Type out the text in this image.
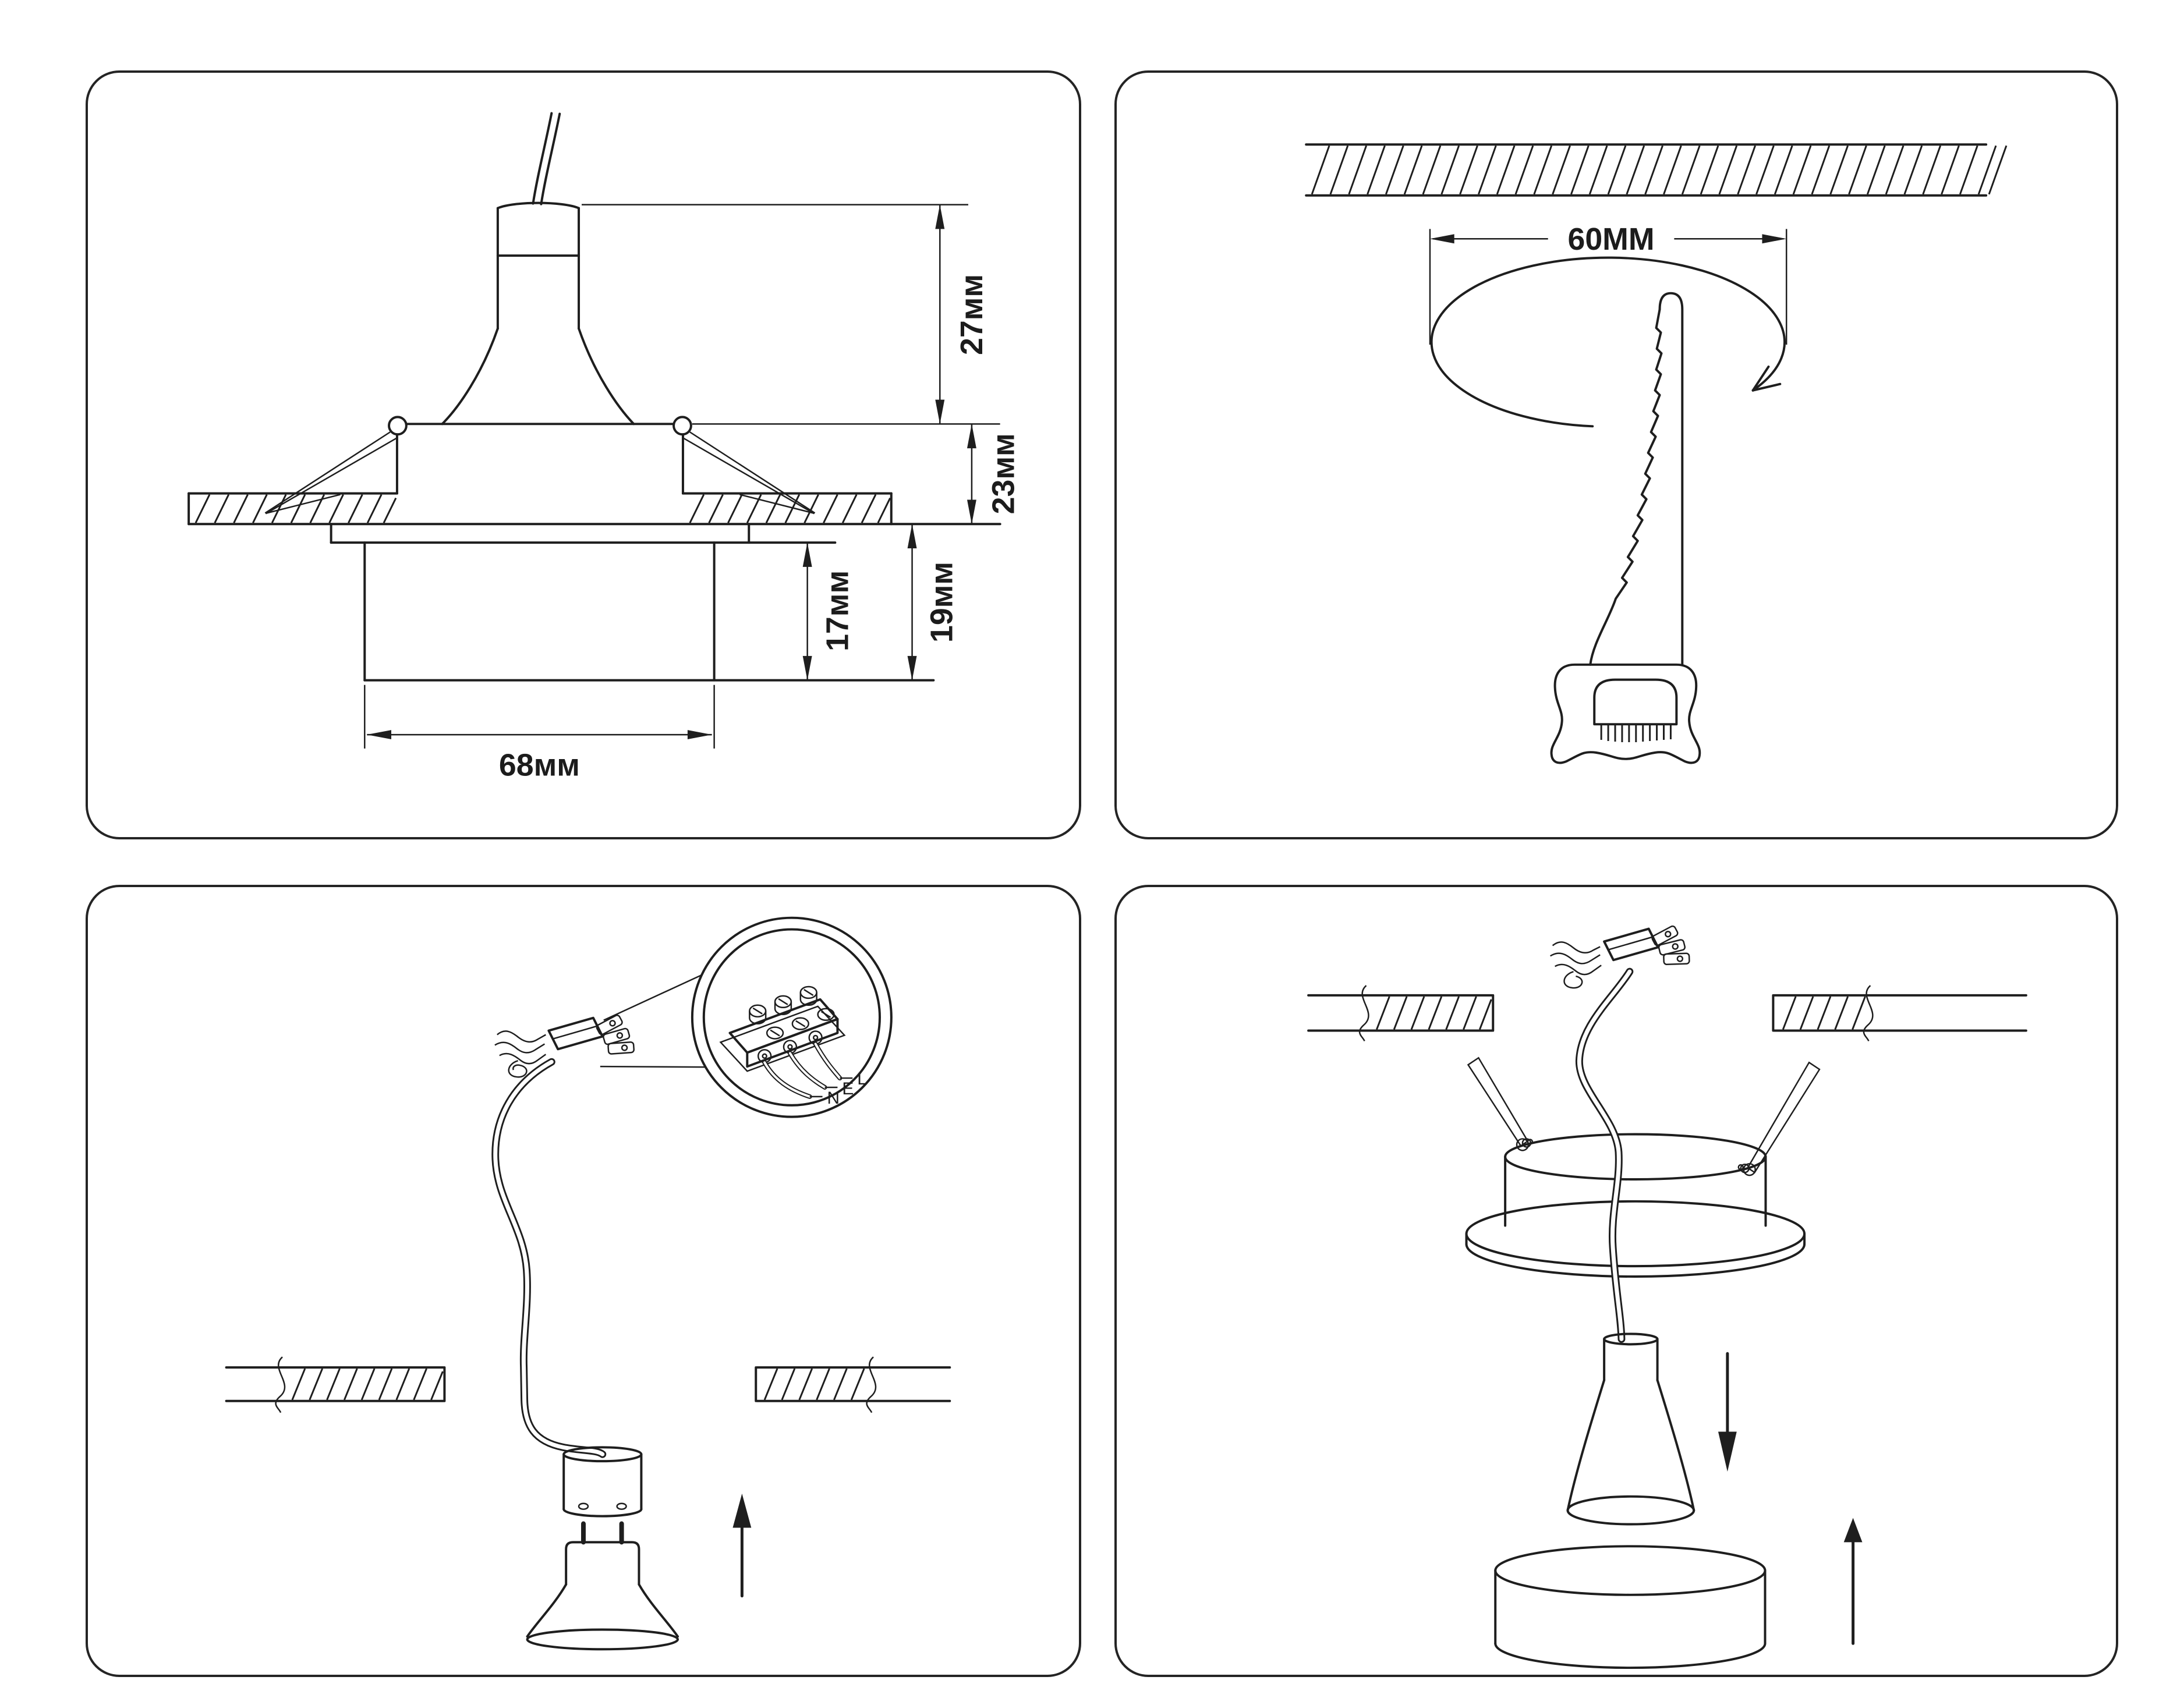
27мм
23мм
17мм 19мм
68мм
60MM
L
E
N
